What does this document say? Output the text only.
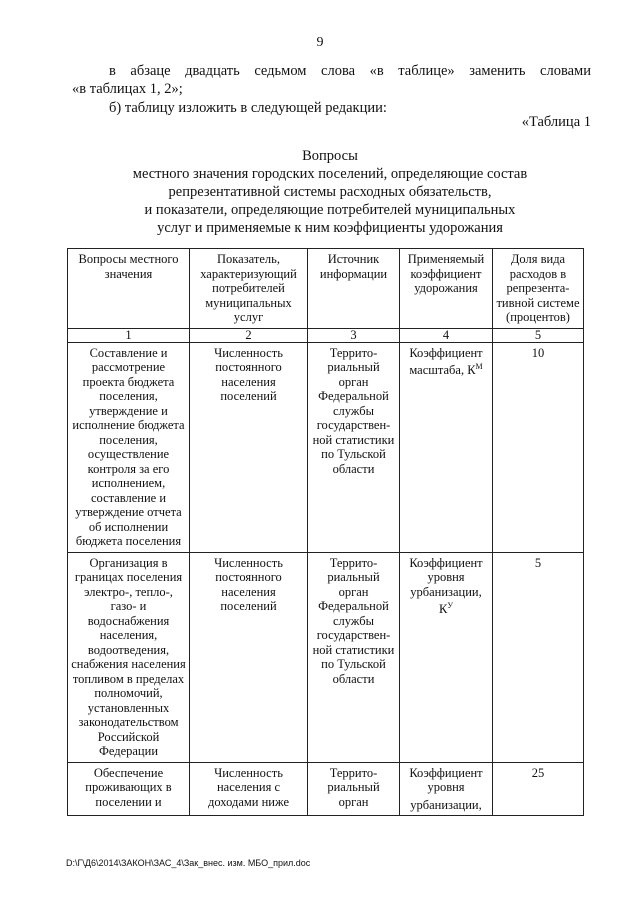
9
в абзаце двадцать седьмом слова «в таблице» заменить словами
«в таблицах 1, 2»;
б) таблицу изложить в следующей редакции:
«Таблица 1
Вопросы
местного значения городских поселений, определяющие состав
репрезентативной системы расходных обязательств,
и показатели, определяющие потребителей муниципальных
услуг и применяемые к ним коэффициенты удорожания
Вопросы местного значения	Показатель, характеризующий потребителей муниципальных услуг	Источник информации	Применяемый коэффициент удорожания	Доля вида расходов в репрезента-тивной системе (процентов)
1	2	3	4	5
Составление и рассмотрение проекта бюджета поселения, утверждение и исполнение бюджета поселения, осуществление контроля за его исполнением, составление и утверждение отчета об исполнении бюджета поселения	Численность постоянного населения поселений	Террито-риальный орган Федеральной службы государствен-ной статистики по Тульской области	Коэффициент масштаба, $К^М$	10
Организация в границах поселения электро-, тепло-, газо- и водоснабжения населения, водоотведения, снабжения населения топливом в пределах полномочий, установленных законодательством Российской Федерации	Численность постоянного населения поселений	Террито-риальный орган Федеральной службы государствен-ной статистики по Тульской области	Коэффициент уровня урбанизации, $К^У$	5
Обеспечение проживающих в поселении и	Численность населения с доходами ниже	Террито-риальный орган	Коэффициент уровня урбанизации,	25
D:\Г\Д6\2014\ЗАКОН\ЗАС_4\Зак_внес. изм. МБО_прил.doc
